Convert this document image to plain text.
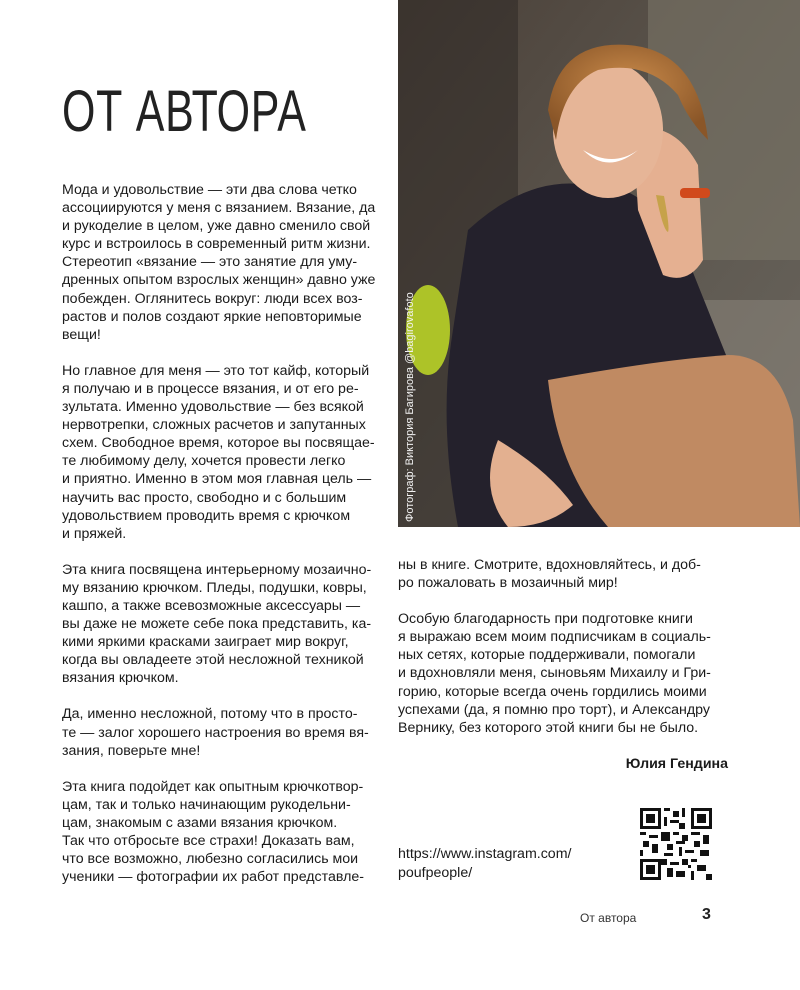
ОТ АВТОРА

Мода и удовольствие — эти два слова четко
ассоциируются у меня с вязанием. Вязание, да
и рукоделие в целом, уже давно сменило свой
курс и встроилось в современный ритм жизни.
Стереотип «вязание — это занятие для уму-
дренных опытом взрослых женщин» давно уже
побежден. Оглянитесь вокруг: люди всех воз-
растов и полов создают яркие неповторимые
вещи!

Но главное для меня — это тот кайф, который
я получаю и в процессе вязания, и от его ре-
зультата. Именно удовольствие — без всякой
нервотрепки, сложных расчетов и запутанных
схем. Свободное время, которое вы посвящае-
те любимому делу, хочется провести легко
и приятно. Именно в этом моя главная цель —
научить вас просто, свободно и с большим
удовольствием проводить время с крючком
и пряжей.

Эта книга посвящена интерьерному мозаично-
му вязанию крючком. Пледы, подушки, ковры,
кашпо, а также всевозможные аксессуары —
вы даже не можете себе пока представить, ка-
кими яркими красками заиграет мир вокруг,
когда вы овладеете этой несложной техникой
вязания крючком.

Да, именно несложной, потому что в просто-
те — залог хорошего настроения во время вя-
зания, поверьте мне!

Эта книга подойдет как опытным крючкотвор-
цам, так и только начинающим рукодельни-
цам, знакомым с азами вязания крючком.
Так что отбросьте все страхи! Доказать вам,
что все возможно, любезно согласились мои
ученики — фотографии их работ представле-

Фотограф: Виктория Багирова @bagirovafoto

ны в книге. Смотрите, вдохновляйтесь, и доб-
ро пожаловать в мозаичный мир!

Особую благодарность при подготовке книги
я выражаю всем моим подписчикам в социаль-
ных сетях, которые поддерживали, помогали
и вдохновляли меня, сыновьям Михаилу и Гри-
горию, которые всегда очень гордились моими
успехами (да, я помню про торт), и Александру
Вернику, без которого этой книги бы не было.

Юлия Гендина

https://www.instagram.com/
poufpeople/
От автора	3
